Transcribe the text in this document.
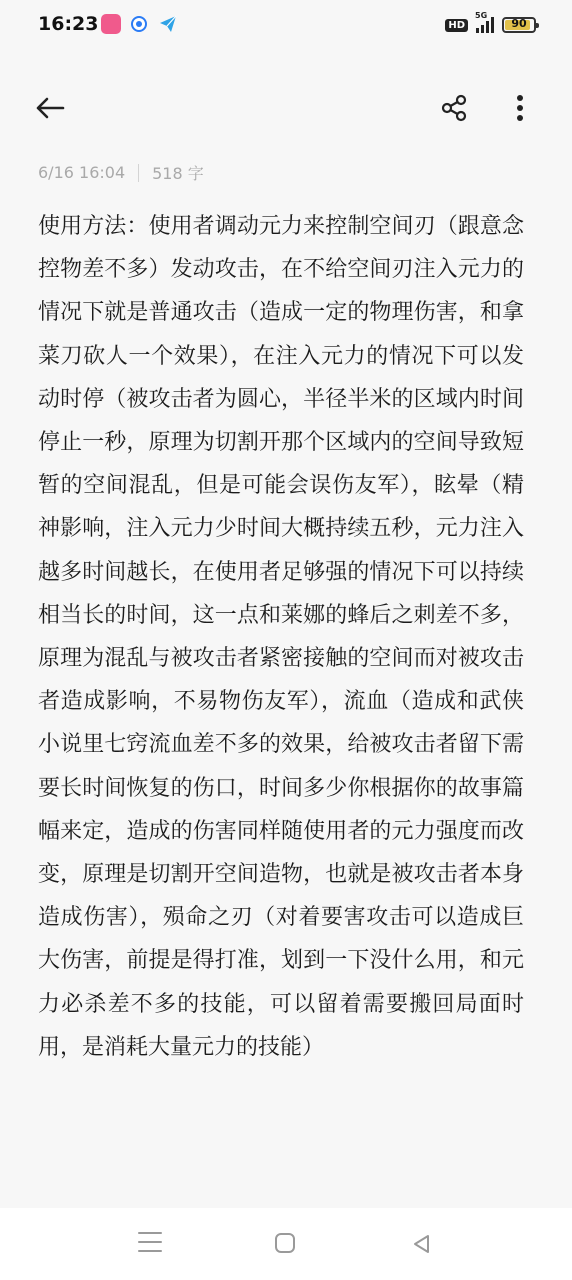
16:23	HD
5G
90
6/16 16:04 518 字
使用方法：使用者调动元力来控制空间刃（跟意念控物差不多）发动攻击，在不给空间刃注入元力的情况下就是普通攻击（造成一定的物理伤害，和拿菜刀砍人一个效果），在注入元力的情况下可以发动时停（被攻击者为圆心，半径半米的区域内时间停止一秒，原理为切割开那个区域内的空间导致短暂的空间混乱，但是可能会误伤友军），眩晕（精神影响，注入元力少时间大概持续五秒，元力注入越多时间越长，在使用者足够强的情况下可以持续相当长的时间，这一点和莱娜的蜂后之刺差不多，原理为混乱与被攻击者紧密接触的空间而对被攻击者造成影响，不易物伤友军），流血（造成和武侠小说里七窍流血差不多的效果，给被攻击者留下需要长时间恢复的伤口，时间多少你根据你的故事篇幅来定，造成的伤害同样随使用者的元力强度而改变，原理是切割开空间造物，也就是被攻击者本身造成伤害），殒命之刃（对着要害攻击可以造成巨大伤害，前提是得打准，划到一下没什么用，和元力必杀差不多的技能，可以留着需要搬回局面时用，是消耗大量元力的技能）
